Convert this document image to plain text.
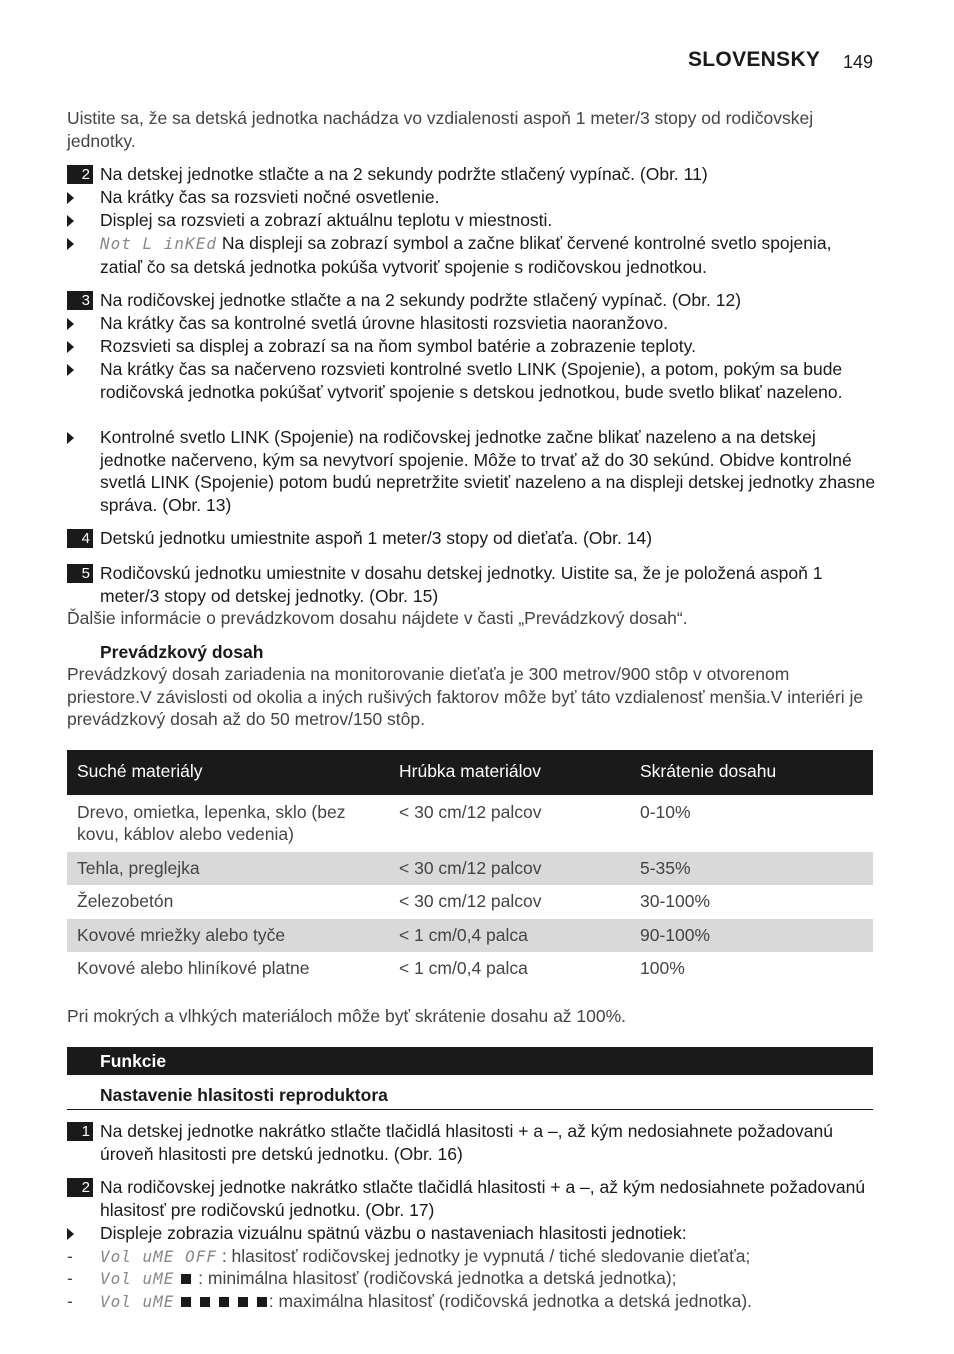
SLOVENSKY 149
Uistite sa, že sa detská jednotka nachádza vo vzdialenosti aspoň 1 meter/3 stopy od rodičovskej jednotky.
2 Na detskej jednotke stlačte a na 2 sekundy podržte stlačený vypínač. (Obr. 11)
Na krátky čas sa rozsvieti nočné osvetlenie.
Displej sa rozsvieti a zobrazí aktuálnu teplotu v miestnosti.
Not L inKEd Na displeji sa zobrazí symbol a začne blikať červené kontrolné svetlo spojenia, zatiaľ čo sa detská jednotka pokúša vytvoriť spojenie s rodičovskou jednotkou.
3 Na rodičovskej jednotke stlačte a na 2 sekundy podržte stlačený vypínač. (Obr. 12)
Na krátky čas sa kontrolné svetlá úrovne hlasitosti rozsvietia naoranžovo.
Rozsvieti sa displej a zobrazí sa na ňom symbol batérie a zobrazenie teploty.
Na krátky čas sa načerveno rozsvieti kontrolné svetlo LINK (Spojenie), a potom, pokým sa bude rodičovská jednotka pokúšať vytvoriť spojenie s detskou jednotkou, bude svetlo blikať nazeleno.
Kontrolné svetlo LINK (Spojenie) na rodičovskej jednotke začne blikať nazeleno a na detskej jednotke načerveno, kým sa nevytvorí spojenie. Môže to trvať až do 30 sekúnd. Obidve kontrolné svetlá LINK (Spojenie) potom budú nepretržite svietiť nazeleno a na displeji detskej jednotky zhasne správa. (Obr. 13)
4 Detskú jednotku umiestnite aspoň 1 meter/3 stopy od dieťaťa. (Obr. 14)
5 Rodičovskú jednotku umiestnite v dosahu detskej jednotky. Uistite sa, že je položená aspoň 1 meter/3 stopy od detskej jednotky. (Obr. 15)
Ďalšie informácie o prevádzkovom dosahu nájdete v časti „Prevádzkový dosah“.
Prevádzkový dosah
Prevádzkový dosah zariadenia na monitorovanie dieťaťa je 300 metrov/900 stôp v otvorenom priestore.V závislosti od okolia a iných rušivých faktorov môže byť táto vzdialenosť menšia.V interiéri je prevádzkový dosah až do 50 metrov/150 stôp.
Suché materiály	Hrúbka materiálov	Skrátenie dosahu
Drevo, omietka, lepenka, sklo (bez kovu, káblov alebo vedenia)	< 30 cm/12 palcov	0-10%
Tehla, preglejka	< 30 cm/12 palcov	5-35%
Železobetón	< 30 cm/12 palcov	30-100%
Kovové mriežky alebo tyče	< 1 cm/0,4 palca	90-100%
Kovové alebo hliníkové platne	< 1 cm/0,4 palca	100%
Pri mokrých a vlhkých materiáloch môže byť skrátenie dosahu až 100%.
Funkcie
Nastavenie hlasitosti reproduktora
1 Na detskej jednotke nakrátko stlačte tlačidlá hlasitosti + a –, až kým nedosiahnete požadovanú úroveň hlasitosti pre detskú jednotku. (Obr. 16)
2 Na rodičovskej jednotke nakrátko stlačte tlačidlá hlasitosti + a –, až kým nedosiahnete požadovanú hlasitosť pre rodičovskú jednotku. (Obr. 17)
Displeje zobrazia vizuálnu spätnú väzbu o nastaveniach hlasitosti jednotiek:
- Vol uME OFF : hlasitosť rodičovskej jednotky je vypnutá / tiché sledovanie dieťaťa;
- Vol uME  : minimálna hlasitosť (rodičovská jednotka a detská jednotka);
- Vol uME	: maximálna hlasitosť (rodičovská jednotka a detská jednotka).
